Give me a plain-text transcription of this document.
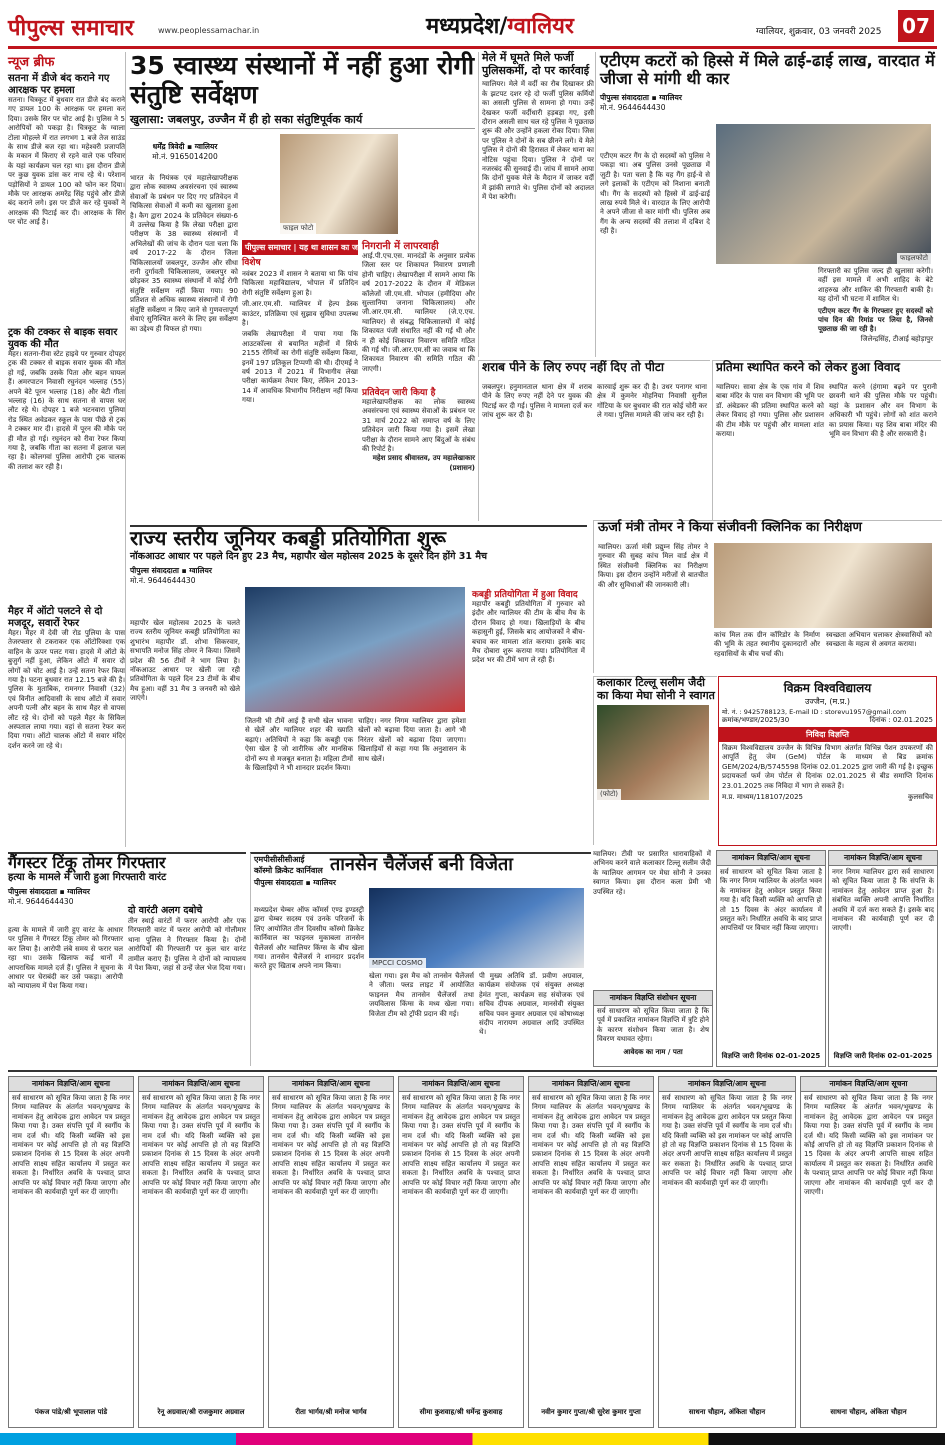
पीपुल्स समाचार	www.peoplessamachar.in	मध्यप्रदेश/ग्वालियर	ग्वालियर, शुक्रवार, 03 जनवरी 2025 07
न्यूज ब्रीफ
सतना में डीजे बंद कराने गए आरक्षक पर हमला
सतना। चित्रकूट में बुधवार रात डीजे बंद कराने गए डायल 100 के आरक्षक पर हमला कर दिया। उसके सिर पर चोट आई है। पुलिस ने 5 आरोपियों को पकड़ा है। चित्रकूट के ग्वाला टोला मोहल्ले में रात लगभग 1 बजे तेज साउंड के साथ डीजे बज रहा था। महेश्वरी प्रजापति के मकान में किराए से रहने वाले एक परिवार के यहां कार्यक्रम चल रहा था। इस दौरान डीजे पर कुछ युवक डांस कर नाच रहे थे। परेशान पड़ोसियों ने डायल 100 को फोन कर दिया। मौके पर आरक्षक अमरेंद्र सिंह पहुंचे और डीजे बंद कराने लगे। इस पर डीजे कर रहे युवकों ने आरक्षक की पिटाई कर दी। आरक्षक के सिर पर चोट आई है।
ट्रक की टक्कर से बाइक सवार युवक की मौत
मैहर। सतना-रीवा स्टेट हाइवे पर गुरुवार दोपहर ट्रक की टक्कर से बाइक सवार युवक की मौत हो गई, जबकि उसके पिता और बहन घायल हैं। अमरपाटन निवासी रघुनंदन भल्लाह (55) अपने बेटे पूरन भल्लाह (18) और बेटी गीता भल्लाह (16) के साथ सतना से वापस घर लौट रहे थे। दोपहर 1 बजे भटनवारा पुलिया रोड स्थित अवेडकर स्कूल के पास पीछे से ट्रक ने टक्कर मार दी। हादसे में पूरन की मौके पर ही मौत हो गई। रघुनंदन को रीवा रेफर किया गया है, जबकि गीता का सतना में इलाज चल रहा है। कोलगवां पुलिस आरोपी ट्रक चालक की तलाश कर रही है।
मैहर में ऑटो पलटने से दो मजदूर, सवारों रेफर
मैहर। मैहर में देवी जी रोड पुलिया के पास तेजरफ्तार से टकराकर एक ऑटोरिक्शा एक वाहिन के ऊपर पलट गया। हादसे में ऑटो के बुजुर्ग नहीं हुआ, लेकिन ऑटो में सवार दो लोगों को चोट आई है। उन्हें सतना रेफर किया गया है। घटना बुधवार रात 12.15 बजे की है। पुलिस के मुताबिक, रामनगर निवासी (32) एवं विनीत आदिवासी के साथ ऑटो में सवार अपनी पत्नी और बहन के साथ मैहर से वापस लौट रहे थे। दोनों को पहले मैहर के सिविल अस्पताल लाया गया। वहां से सतना रेफर कर दिया गया। ऑटो चालक ऑटो में सवार मंदिर दर्शन करने जा रहे थे।
35 स्वास्थ्य संस्थानों में नहीं हुआ रोगी संतुष्टि सर्वेक्षण
खुलासा: जबलपुर, उज्जैन में ही हो सका संतुष्टिपूर्वक कार्य
धर्मेंद्र त्रिवेदी ▪ ग्वालियर
मो.नं. 9165014200
फाइल फोटो
भारत के नियंत्रक एवं महालेखापरीक्षक द्वारा लोक स्वास्थ्य अवसंरचना एवं स्वास्थ्य सेवाओं के प्रबंधन पर दिए गए प्रतिवेदन में चिकित्सा सेवाओं में कमी का खुलासा हुआ है। कैग द्वारा 2024 के प्रतिवेदन संख्या-6 में उल्लेख किया है कि लेखा परीक्षा द्वारा परीक्षण के 38 स्वास्थ्य संस्थानों में अभिलेखों की जांच के दौरान पता चला कि वर्ष 2017-22 के दौरान जिला चिकित्सालयों जबलपुर, उज्जैन और सीधा रानी दुर्गावती चिकित्सालय, जबलपुर को छोड़कर 35 स्वास्थ्य संस्थानों में कोई रोगी संतुष्टि सर्वेक्षण नहीं किया गया। 90 प्रतिशत से अधिक स्वास्थ्य संस्थानों में रोगी संतुष्टि सर्वेक्षण न किए जाने से गुणवत्तापूर्ण सेवाएं सुनिश्चित करने के लिए इस सर्वेक्षण का उद्देश्य ही विफल हो गया।
पीपुल्स समाचार | यह था शासन का जवाब
विशेष
नवंबर 2023 में शासन ने बताया था कि पांच चिकित्सा महाविद्यालय, भोपाल में प्रतिदिन रोगी संतुष्टि सर्वेक्षण हुआ है।
जी.आर.एम.सी. ग्वालियर में हेल्प डेस्क काउंटर, प्रतिक्रिया एवं सुझाव सुविधा उपलब्ध है।
जबकि लेखापरीक्षा में पाया गया कि आउटकॉल्स से बयानित महीनों में सिर्फ 2155 रोगियों का रोगी संतुष्टि सर्वेक्षण किया, इनमें 197 प्रतिकूल टिप्पणी की थी। दीएमई ने वर्ष 2013 में 2021 में विभागीय लेखा परीक्षा कार्यक्रम तैयार किए, लेकिन 2013-14 में आवधिक विभागीय निरीक्षण नहीं किया गया।
निगरानी में लापरवाही
आई.पी.एच.एस. मानदंडों के अनुसार प्रत्येक जिला स्तर पर शिकायत निवारण प्रणाली होनी चाहिए। लेखापरीक्षा में सामने आया कि वर्ष 2017-2022 के दौरान में मेडिकल कॉलेजों जी.एम.सी. भोपाल (हमीदिया और सुल्तानिया जनाना चिकित्सालय) और जी.आर.एम.सी. ग्वालियर (जे.ए.एच. ग्वालियर) से संबद्ध चिकित्सालयों में कोई शिकायत पंजी संधारित नहीं की गई थी और न ही कोई शिकायत निवारण समिति गठित की गई थी। जी.आर.एम.सी का जवाब था कि शिकायत निवारण की समिति गठित की जाएगी।
प्रतिवेदन जारी किया है
महालेखापरीक्षक का लोक स्वास्थ्य अवसंरचना एवं स्वास्थ्य सेवाओं के प्रबंधन पर 31 मार्च 2022 को समाप्त वर्ष के लिए प्रतिवेदन जारी किया गया है। इसमें लेखा परीक्षा के दौरान सामने आए बिंदुओं के संबंध की रिपोर्ट है।
महेश प्रसाद श्रीवास्तव, उप महालेखाकार (प्रशासन)
मेले में घूमते मिले फर्जी पुलिसकर्मी, दो पर कार्रवाई
ग्वालियर। मेले में वर्दी का रौब दिखाकर फ्री के झटपट दशर रहे दो फर्जी पुलिस कर्मियों का असली पुलिस से सामना हो गया। उन्हें देखकर फर्जी वर्दीधारी हड़बड़ा गए, इसी दौरान असली साथ चल रहे पुलिस ने पूछताछ शुरू की और उन्होंने हकला रोका दिया। जिस पर पुलिस ने दोनों के सब छीनने लगे। ये मेले पुलिस ने दोनों की हिरासत में लेकर थाना का नोटिस पहुंचा दिया। पुलिस ने दोनों पर नजरबंद की सुनवाई दी। जांच में सामने आया कि दोनों युवक मेले के मैदान में जाकर वर्दी में झांकी लगाते थे। पुलिस दोनों को अदालत में पेश करेगी।
एटीएम कटरों को हिस्से में मिले ढाई-ढाई लाख, वारदात में जीजा से मांगी थी कार
पीपुल्स संवाददाता ▪ ग्वालियर
मो.नं. 9644644430
फाइलफोटो
एटीएम कटर गैंग के दो सदस्यों को पुलिस ने पकड़ा था। अब पुलिस उनसे पूछताछ में जुटी है। पता चला है कि यह गैंग हाई-वे से लगे इलाकों के एटीएम को निशाना बनाती थी। गैंग के सदस्यों को हिस्से में ढाई-ढाई लाख रुपये मिले थे। वारदात के लिए आरोपी ने अपने जीजा से कार मांगी थी। पुलिस अब गैंग के अन्य सदस्यों की तलाश में दबिश दे रही है।
गिरफ्तारी का पुलिस जल्द ही खुलासा करेगी। वहीं इस मामले में अभी शाहिद के बेटे शाहरुख और शाकिर की गिरफ्तारी बाकी है। यह दोनों भी घटना में शामिल थे।
एटीएम कटर गैंग के गिरफ्तार हुए सदस्यों को पांच दिन की रिमांड पर लिया है, जिनसे पूछताछ की जा रही है।
जिलेन्द्रसिंह, टीआई बहोड़ापुर
शराब पीने के लिए रुपए नहीं दिए तो पीटा
जबलपुर। हनुमानताल थाना क्षेत्र में शराब पीने के लिए रुपए नहीं देने पर युवक की पिटाई कर दी गई। पुलिस ने मामला दर्ज कर जांच शुरू कर दी है।
कारवाई शुरू कर दी है। उधर पनागर थाना क्षेत्र में कुमनेर मोहनिया निवासी सुनील गोंटिया के घर बुधवार की रात कोई चोरी कर ले गया। पुलिस मामले की जांच कर रही है।
प्रतिमा स्थापित करने को लेकर हुआ विवाद
ग्वालियर। सावा क्षेत्र के एक गांव में शिव बाबा मंदिर के पास वन विभाग की भूमि पर डॉ. अंबेडकर की प्रतिमा स्थापित करने को लेकर विवाद हो गया। पुलिस और प्रशासन की टीम मौके पर पहुंची और मामला शांत कराया।
स्थापित करने (हंगामा बढ़ने पर पुरानी छावनी थाने की पुलिस मौके पर पहुंची। यहां के प्रशासन और वन विभाग के अधिकारी भी पहुंचे। लोगों को शांत कराने का प्रयास किया। यह शिव बाबा मंदिर की भूमि वन विभाग की है और सरकारी है।
राज्य स्तरीय जूनियर कबड्डी प्रतियोगिता शुरू
नॉकआउट आधार पर पहले दिन हुए 23 मैच, महापौर खेल महोत्सव 2025 के दूसरे दिन होंगे 31 मैच
पीपुल्स संवाददाता ▪ ग्वालियर
मो.नं. 9644644430
महापौर खेल महोत्सव 2025 के चलते राज्य स्तरीय जूनियर कबड्डी प्रतियोगिता का शुभारंभ महापौर डॉ. शोभा सिकरवार, सभापति मनोज सिंह तोमर ने किया। जिसमें प्रदेश की 56 टीमों ने भाग लिया है। नॉकआउट आधार पर खेली जा रही प्रतियोगिता के पहले दिन 23 टीमों के बीच मैच हुआ। वहीं 31 मैच 3 जनवरी को खेले जाएंगे।
जितनी भी टीमें आई हैं सभी खेल भावना से खेलें और ग्वालियर शहर की ख्याति बढ़ाएं। अतिथियों ने कहा कि कबड्डी एक ऐसा खेल है जो शारीरिक और मानसिक दोनों रूप से मजबूत बनाता है। महिला टीमों के खिलाड़ियों ने भी शानदार प्रदर्शन किया।
चाहिए। नगर निगम ग्वालियर द्वारा हमेशा खेलों को बढ़ावा दिया जाता है। आगे भी निरंतर खेलों को बढ़ावा दिया जाएगा। खिलाड़ियों से कहा गया कि अनुशासन के साथ खेलें।
कबड्डी प्रतियोगिता में हुआ विवाद
महापौर कबड्डी प्रतियोगिता में गुरुवार को इंदौर और ग्वालियर की टीम के बीच मैच के दौरान विवाद हो गया। खिलाड़ियों के बीच कहासुनी हुई, जिसके बाद आयोजकों ने बीच-बचाव कर मामला शांत कराया। इसके बाद मैच दोबारा शुरू कराया गया। प्रतियोगिता में प्रदेश भर की टीमें भाग ले रही हैं।
ऊर्जा मंत्री तोमर ने किया संजीवनी क्लिनिक का निरीक्षण
ग्वालियर। ऊर्जा मंत्री प्रद्युम्न सिंह तोमर ने गुरुवार की सुबह कांच मिल वार्ड क्षेत्र में स्थित संजीवनी क्लिनिक का निरीक्षण किया। इस दौरान उन्होंने मरीजों से बातचीत की और सुविधाओं की जानकारी ली।
कांच मिल तक ग्रीन कॉरिडोर के निर्माण की भूमि के तहत स्थानीय दुकानदारों और रहवासियों के बीच चर्चा की।
स्वच्छता अभियान चलाकर क्षेत्रवासियों को स्वच्छता के महत्व से अवगत कराया।
कलाकार टिल्लू सलीम जैदी का किया मेघा सोनी ने स्वागत
(फोटो)
विक्रम विश्वविद्यालय
उज्जैन, (म.प्र.)
मो. नं. : 9425788123, E-mail ID : storevu1957@gmail.com
क्रमांक/भण्डार/2025/30	दिनांक : 02.01.2025
निविदा विज्ञप्ति
विक्रम विश्वविद्यालय उज्जैन के विभिन्न विभाग अंतर्गत विभिन्न पेंशन उपकरणों की आपूर्ति हेतु जेम (GeM) पोर्टल के माध्यम से बिड क्रमांक GEM/2024/B/5745598 दिनांक 02.01.2025 द्वारा जारी की गई है। इच्छुक प्रदायकर्ता फर्म जेम पोर्टल से दिनांक 02.01.2025 से बीड समाप्ति दिनांक 23.01.2025 तक निविदा में भाग ले सकते हैं।
म.प्र. माध्यम/118107/2025	कुलसचिव
गैंगस्टर टिंकू तोमर गिरफ्तार
हत्या के मामले में जारी हुआ गिरफ्तारी वारंट
पीपुल्स संवाददाता ▪ ग्वालियर
मो.नं. 9644644430
हत्या के मामले में जारी हुए वारंट के आधार पर पुलिस ने गैंगस्टर टिंकू तोमर को गिरफ्तार कर लिया है। आरोपी लंबे समय से फरार चल रहा था। उसके खिलाफ कई थानों में आपराधिक मामले दर्ज हैं। पुलिस ने सूचना के आधार पर घेराबंदी कर उसे पकड़ा। आरोपी को न्यायालय में पेश किया गया।
दो वारंटी अलग दबोचे
तीन स्थाई वारंटों में फरार आरोपी और एक गिरफ्तारी वारंट में फरार आरोपी को गोलीमार थाना पुलिस ने गिरफ्तार किया है। दोनों आरोपियों की गिरफ्तारी पर कुल चार वारंट तामील कराए हैं। पुलिस ने दोनों को न्यायालय में पेश किया, जहां से उन्हें जेल भेज दिया गया।
एमपीसीसीसीआई कॉस्मो क्रिकेट कार्निवाल तानसेन चैलेंजर्स बनी विजेता
पीपुल्स संवाददाता ▪ ग्वालियर
MPCCI COSMO
मध्यप्रदेश चेम्बर ऑफ कॉमर्स एण्ड इण्डस्ट्री द्वारा चेम्बर सदस्य एवं उनके परिजनों के लिए आयोजित तीन दिवसीय कॉस्मो क्रिकेट कार्निवाल का फाइनल मुकाबला तानसेन चैलेंजर्स और ग्वालियर किंग्स के बीच खेला गया। तानसेन चैलेंजर्स ने शानदार प्रदर्शन करते हुए खिताब अपने नाम किया।
खेला गया। इस मैच को तानसेन चैलेंजर्स ने जीता। फ्लड लाइट में आयोजित फाइनल मैच तानसेन चैलेंजर्स तथा जयविलास किंग्स के मध्य खेला गया। विजेता टीम को ट्रॉफी प्रदान की गई।
पी मुख्य अतिथि डॉ. प्रवीण अग्रवाल, कार्यक्रम संयोजक एवं संयुक्त अध्यक्ष हेमंत गुप्ता, कार्यक्रम सह संयोजक एवं सचिव दीपक अग्रवाल, मानसेवी संयुक्त सचिव पवन कुमार अग्रवाल एवं कोषाध्यक्ष संदीप नारायण अग्रवाल आदि उपस्थित थे।
नामांकन विज्ञप्ति संशोधन सूचना
सर्व साधारण को सूचित किया जाता है कि पूर्व में प्रकाशित नामांकन विज्ञप्ति में त्रुटि होने के कारण संशोधन किया जाता है। शेष विवरण यथावत रहेगा।
आवेदक का नाम / पता
ग्वालियर। टीवी पर प्रसारित धारावाहिकों में अभिनय करने वाले कलाकार टिल्लू सलीम जैदी के ग्वालियर आगमन पर मेघा सोनी ने उनका स्वागत किया। इस दौरान कला प्रेमी भी उपस्थित रहे।
नामांकन विज्ञप्ति/आम सूचना
सर्व साधारण को सूचित किया जाता है कि नगर निगम ग्वालियर के अंतर्गत भवन के नामांकन हेतु आवेदन प्रस्तुत किया गया है। यदि किसी व्यक्ति को आपत्ति हो तो 15 दिवस के अंदर कार्यालय में प्रस्तुत करें। निर्धारित अवधि के बाद प्राप्त आपत्तियों पर विचार नहीं किया जाएगा।
विज्ञप्ति जारी दिनांक 02-01-2025
नामांकन विज्ञप्ति/आम सूचना
नगर निगम ग्वालियर द्वारा सर्व साधारण को सूचित किया जाता है कि संपत्ति के नामांकन हेतु आवेदन प्राप्त हुआ है। संबंधित व्यक्ति अपनी आपत्ति निर्धारित अवधि में दर्ज करा सकते हैं। इसके बाद नामांकन की कार्यवाही पूर्ण कर दी जाएगी।
विज्ञप्ति जारी दिनांक 02-01-2025
नामांकन विज्ञप्ति/आम सूचना
सर्व साधारण को सूचित किया जाता है कि नगर निगम ग्वालियर के अंतर्गत भवन/भूखण्ड के नामांकन हेतु आवेदक द्वारा आवेदन पत्र प्रस्तुत किया गया है। उक्त संपत्ति पूर्व में स्वर्गीय के नाम दर्ज थी। यदि किसी व्यक्ति को इस नामांकन पर कोई आपत्ति हो तो वह विज्ञप्ति प्रकाशन दिनांक से 15 दिवस के अंदर अपनी आपत्ति साक्ष्य सहित कार्यालय में प्रस्तुत कर सकता है। निर्धारित अवधि के पश्चात् प्राप्त आपत्ति पर कोई विचार नहीं किया जाएगा और नामांकन की कार्यवाही पूर्ण कर दी जाएगी।
पंकज पांडे/श्री भूपालाल पांडे
नामांकन विज्ञप्ति/आम सूचना
सर्व साधारण को सूचित किया जाता है कि नगर निगम ग्वालियर के अंतर्गत भवन/भूखण्ड के नामांकन हेतु आवेदक द्वारा आवेदन पत्र प्रस्तुत किया गया है। उक्त संपत्ति पूर्व में स्वर्गीय के नाम दर्ज थी। यदि किसी व्यक्ति को इस नामांकन पर कोई आपत्ति हो तो वह विज्ञप्ति प्रकाशन दिनांक से 15 दिवस के अंदर अपनी आपत्ति साक्ष्य सहित कार्यालय में प्रस्तुत कर सकता है। निर्धारित अवधि के पश्चात् प्राप्त आपत्ति पर कोई विचार नहीं किया जाएगा और नामांकन की कार्यवाही पूर्ण कर दी जाएगी।
रेनू अग्रवाल/श्री राजकुमार अग्रवाल
नामांकन विज्ञप्ति/आम सूचना
सर्व साधारण को सूचित किया जाता है कि नगर निगम ग्वालियर के अंतर्गत भवन/भूखण्ड के नामांकन हेतु आवेदक द्वारा आवेदन पत्र प्रस्तुत किया गया है। उक्त संपत्ति पूर्व में स्वर्गीय के नाम दर्ज थी। यदि किसी व्यक्ति को इस नामांकन पर कोई आपत्ति हो तो वह विज्ञप्ति प्रकाशन दिनांक से 15 दिवस के अंदर अपनी आपत्ति साक्ष्य सहित कार्यालय में प्रस्तुत कर सकता है। निर्धारित अवधि के पश्चात् प्राप्त आपत्ति पर कोई विचार नहीं किया जाएगा और नामांकन की कार्यवाही पूर्ण कर दी जाएगी।
रीता भार्गव/श्री मनोज भार्गव
नामांकन विज्ञप्ति/आम सूचना
सर्व साधारण को सूचित किया जाता है कि नगर निगम ग्वालियर के अंतर्गत भवन/भूखण्ड के नामांकन हेतु आवेदक द्वारा आवेदन पत्र प्रस्तुत किया गया है। उक्त संपत्ति पूर्व में स्वर्गीय के नाम दर्ज थी। यदि किसी व्यक्ति को इस नामांकन पर कोई आपत्ति हो तो वह विज्ञप्ति प्रकाशन दिनांक से 15 दिवस के अंदर अपनी आपत्ति साक्ष्य सहित कार्यालय में प्रस्तुत कर सकता है। निर्धारित अवधि के पश्चात् प्राप्त आपत्ति पर कोई विचार नहीं किया जाएगा और नामांकन की कार्यवाही पूर्ण कर दी जाएगी।
सीमा कुशवाह/श्री धर्मेन्द्र कुशवाह
नामांकन विज्ञप्ति/आम सूचना
सर्व साधारण को सूचित किया जाता है कि नगर निगम ग्वालियर के अंतर्गत भवन/भूखण्ड के नामांकन हेतु आवेदक द्वारा आवेदन पत्र प्रस्तुत किया गया है। उक्त संपत्ति पूर्व में स्वर्गीय के नाम दर्ज थी। यदि किसी व्यक्ति को इस नामांकन पर कोई आपत्ति हो तो वह विज्ञप्ति प्रकाशन दिनांक से 15 दिवस के अंदर अपनी आपत्ति साक्ष्य सहित कार्यालय में प्रस्तुत कर सकता है। निर्धारित अवधि के पश्चात् प्राप्त आपत्ति पर कोई विचार नहीं किया जाएगा और नामांकन की कार्यवाही पूर्ण कर दी जाएगी।
नवीन कुमार गुप्ता/श्री सुरेश कुमार गुप्ता
नामांकन विज्ञप्ति/आम सूचना
सर्व साधारण को सूचित किया जाता है कि नगर निगम ग्वालियर के अंतर्गत भवन/भूखण्ड के नामांकन हेतु आवेदक द्वारा आवेदन पत्र प्रस्तुत किया गया है। उक्त संपत्ति पूर्व में स्वर्गीय के नाम दर्ज थी। यदि किसी व्यक्ति को इस नामांकन पर कोई आपत्ति हो तो वह विज्ञप्ति प्रकाशन दिनांक से 15 दिवस के अंदर अपनी आपत्ति साक्ष्य सहित कार्यालय में प्रस्तुत कर सकता है। निर्धारित अवधि के पश्चात् प्राप्त आपत्ति पर कोई विचार नहीं किया जाएगा और नामांकन की कार्यवाही पूर्ण कर दी जाएगी।
साधना चौहान, अंकिता चौहान
नामांकन विज्ञप्ति/आम सूचना
सर्व साधारण को सूचित किया जाता है कि नगर निगम ग्वालियर के अंतर्गत भवन/भूखण्ड के नामांकन हेतु आवेदक द्वारा आवेदन पत्र प्रस्तुत किया गया है। उक्त संपत्ति पूर्व में स्वर्गीय के नाम दर्ज थी। यदि किसी व्यक्ति को इस नामांकन पर कोई आपत्ति हो तो वह विज्ञप्ति प्रकाशन दिनांक से 15 दिवस के अंदर अपनी आपत्ति साक्ष्य सहित कार्यालय में प्रस्तुत कर सकता है। निर्धारित अवधि के पश्चात् प्राप्त आपत्ति पर कोई विचार नहीं किया जाएगा और नामांकन की कार्यवाही पूर्ण कर दी जाएगी।
साधना चौहान, अंकिता चौहान
